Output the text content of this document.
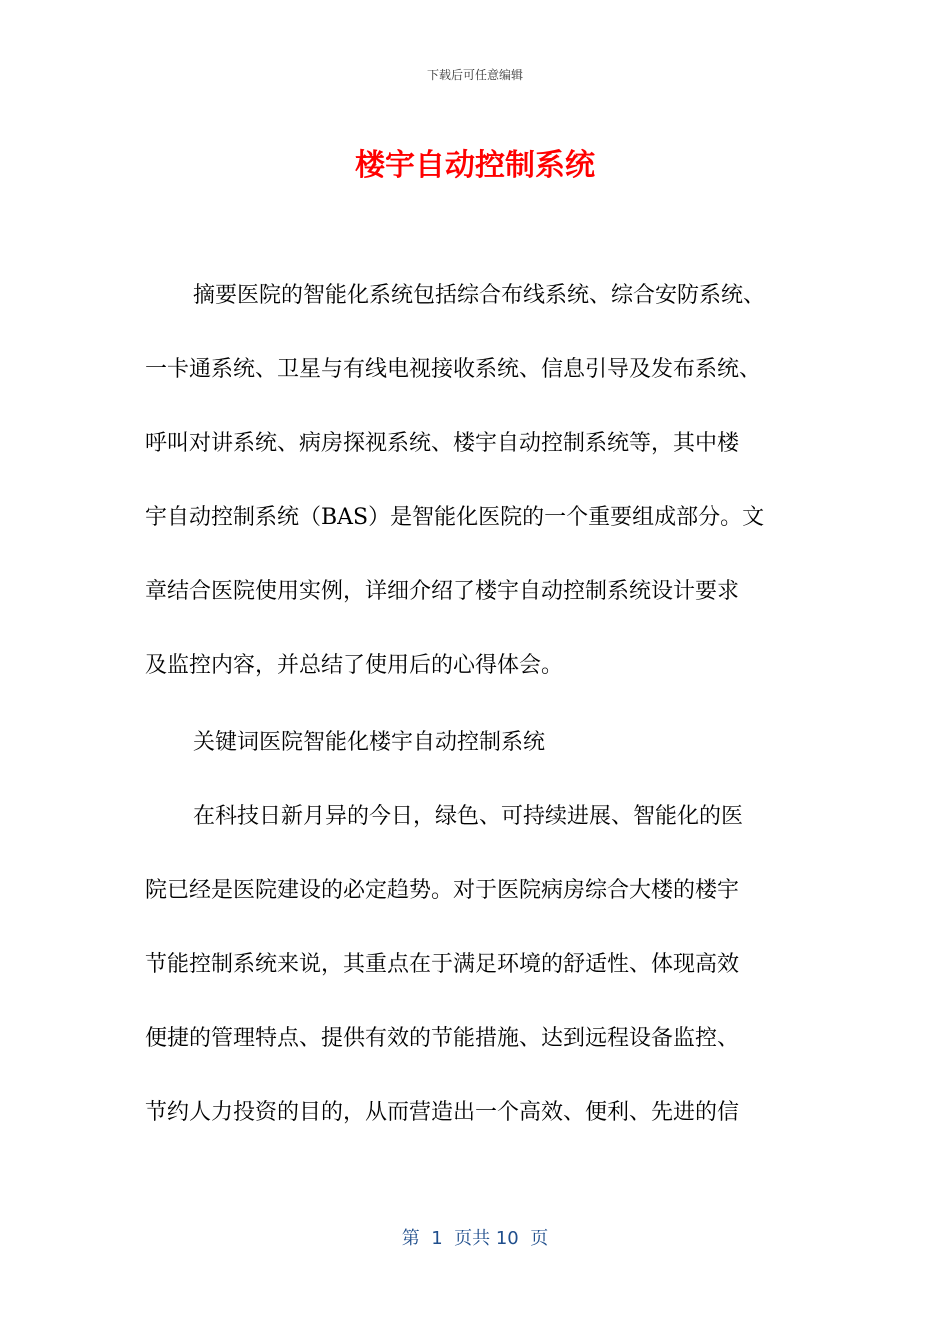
下载后可任意编辑
楼宇自动控制系统
摘要医院的智能化系统包括综合布线系统、综合安防系统、
一卡通系统、卫星与有线电视接收系统、信息引导及发布系统、
呼叫对讲系统、病房探视系统、楼宇自动控制系统等，其中楼
宇自动控制系统（BAS）是智能化医院的一个重要组成部分。文
章结合医院使用实例，详细介绍了楼宇自动控制系统设计要求
及监控内容，并总结了使用后的心得体会。
关键词医院智能化楼宇自动控制系统
在科技日新月异的今日，绿色、可持续进展、智能化的医
院已经是医院建设的必定趋势。对于医院病房综合大楼的楼宇
节能控制系统来说，其重点在于满足环境的舒适性、体现高效
便捷的管理特点、提供有效的节能措施、达到远程设备监控、
节约人力投资的目的，从而营造出一个高效、便利、先进的信
第  1  页共 10  页
